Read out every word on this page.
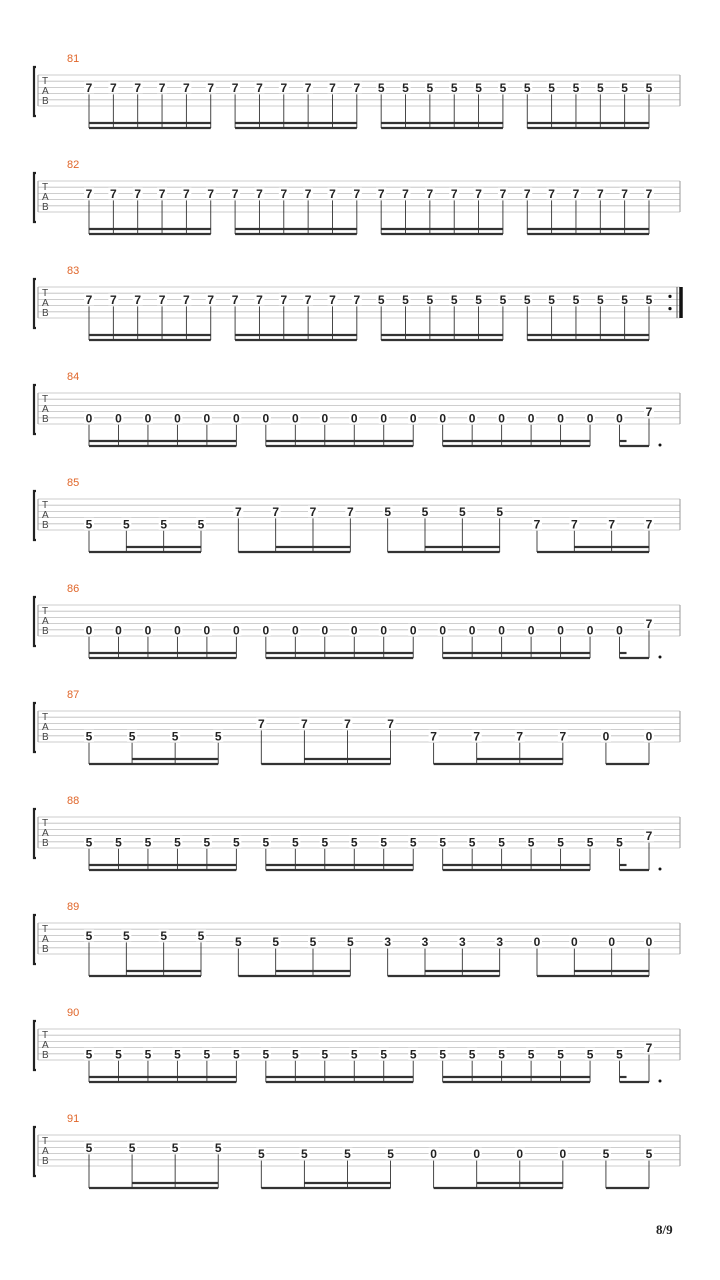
81
T
A
B
7 7 7 7 7 7 7 7 7 7 7 7 5 5 5 5 5 5 5 5 5 5 5 5
82
T
A
B
7 7 7 7 7 7 7 7 7 7 7 7 7 7 7 7 7 7 7 7 7 7 7 7
83
T
A
B
7 7 7 7 7 7 7 7 7 7 7 7 5 5 5 5 5 5 5 5 5 5 5 5
84
T
A
B	0 0 0 0 0 0 0 0 0 0 0 0 0 0 0 0 0 0 0 7
85
T
A
B	5	5	5	5
7	7	7	7	5	5	5	5
7	7	7	7
86
T
A
B	0 0 0 0 0 0 0 0 0 0 0 0 0 0 0 0 0 0 0 7
87
T
A
B	5	5	5	5
7	7	7	7
7	7	7	7	0	0
88
T
A
B	5 5 5 5 5 5 5 5 5 5 5 5 5 5 5 5 5 5 5 7
89
T
A
B
5	5	5	5	5	5	5	5	3	3	3	3	0	0	0	0
90
T
A
B	5 5 5 5 5 5 5 5 5 5 5 5 5 5 5 5 5 5 5 7
91
T
A
B
5	5	5	5	5	5	5	5	0	0	0	0	5	5
8/9
